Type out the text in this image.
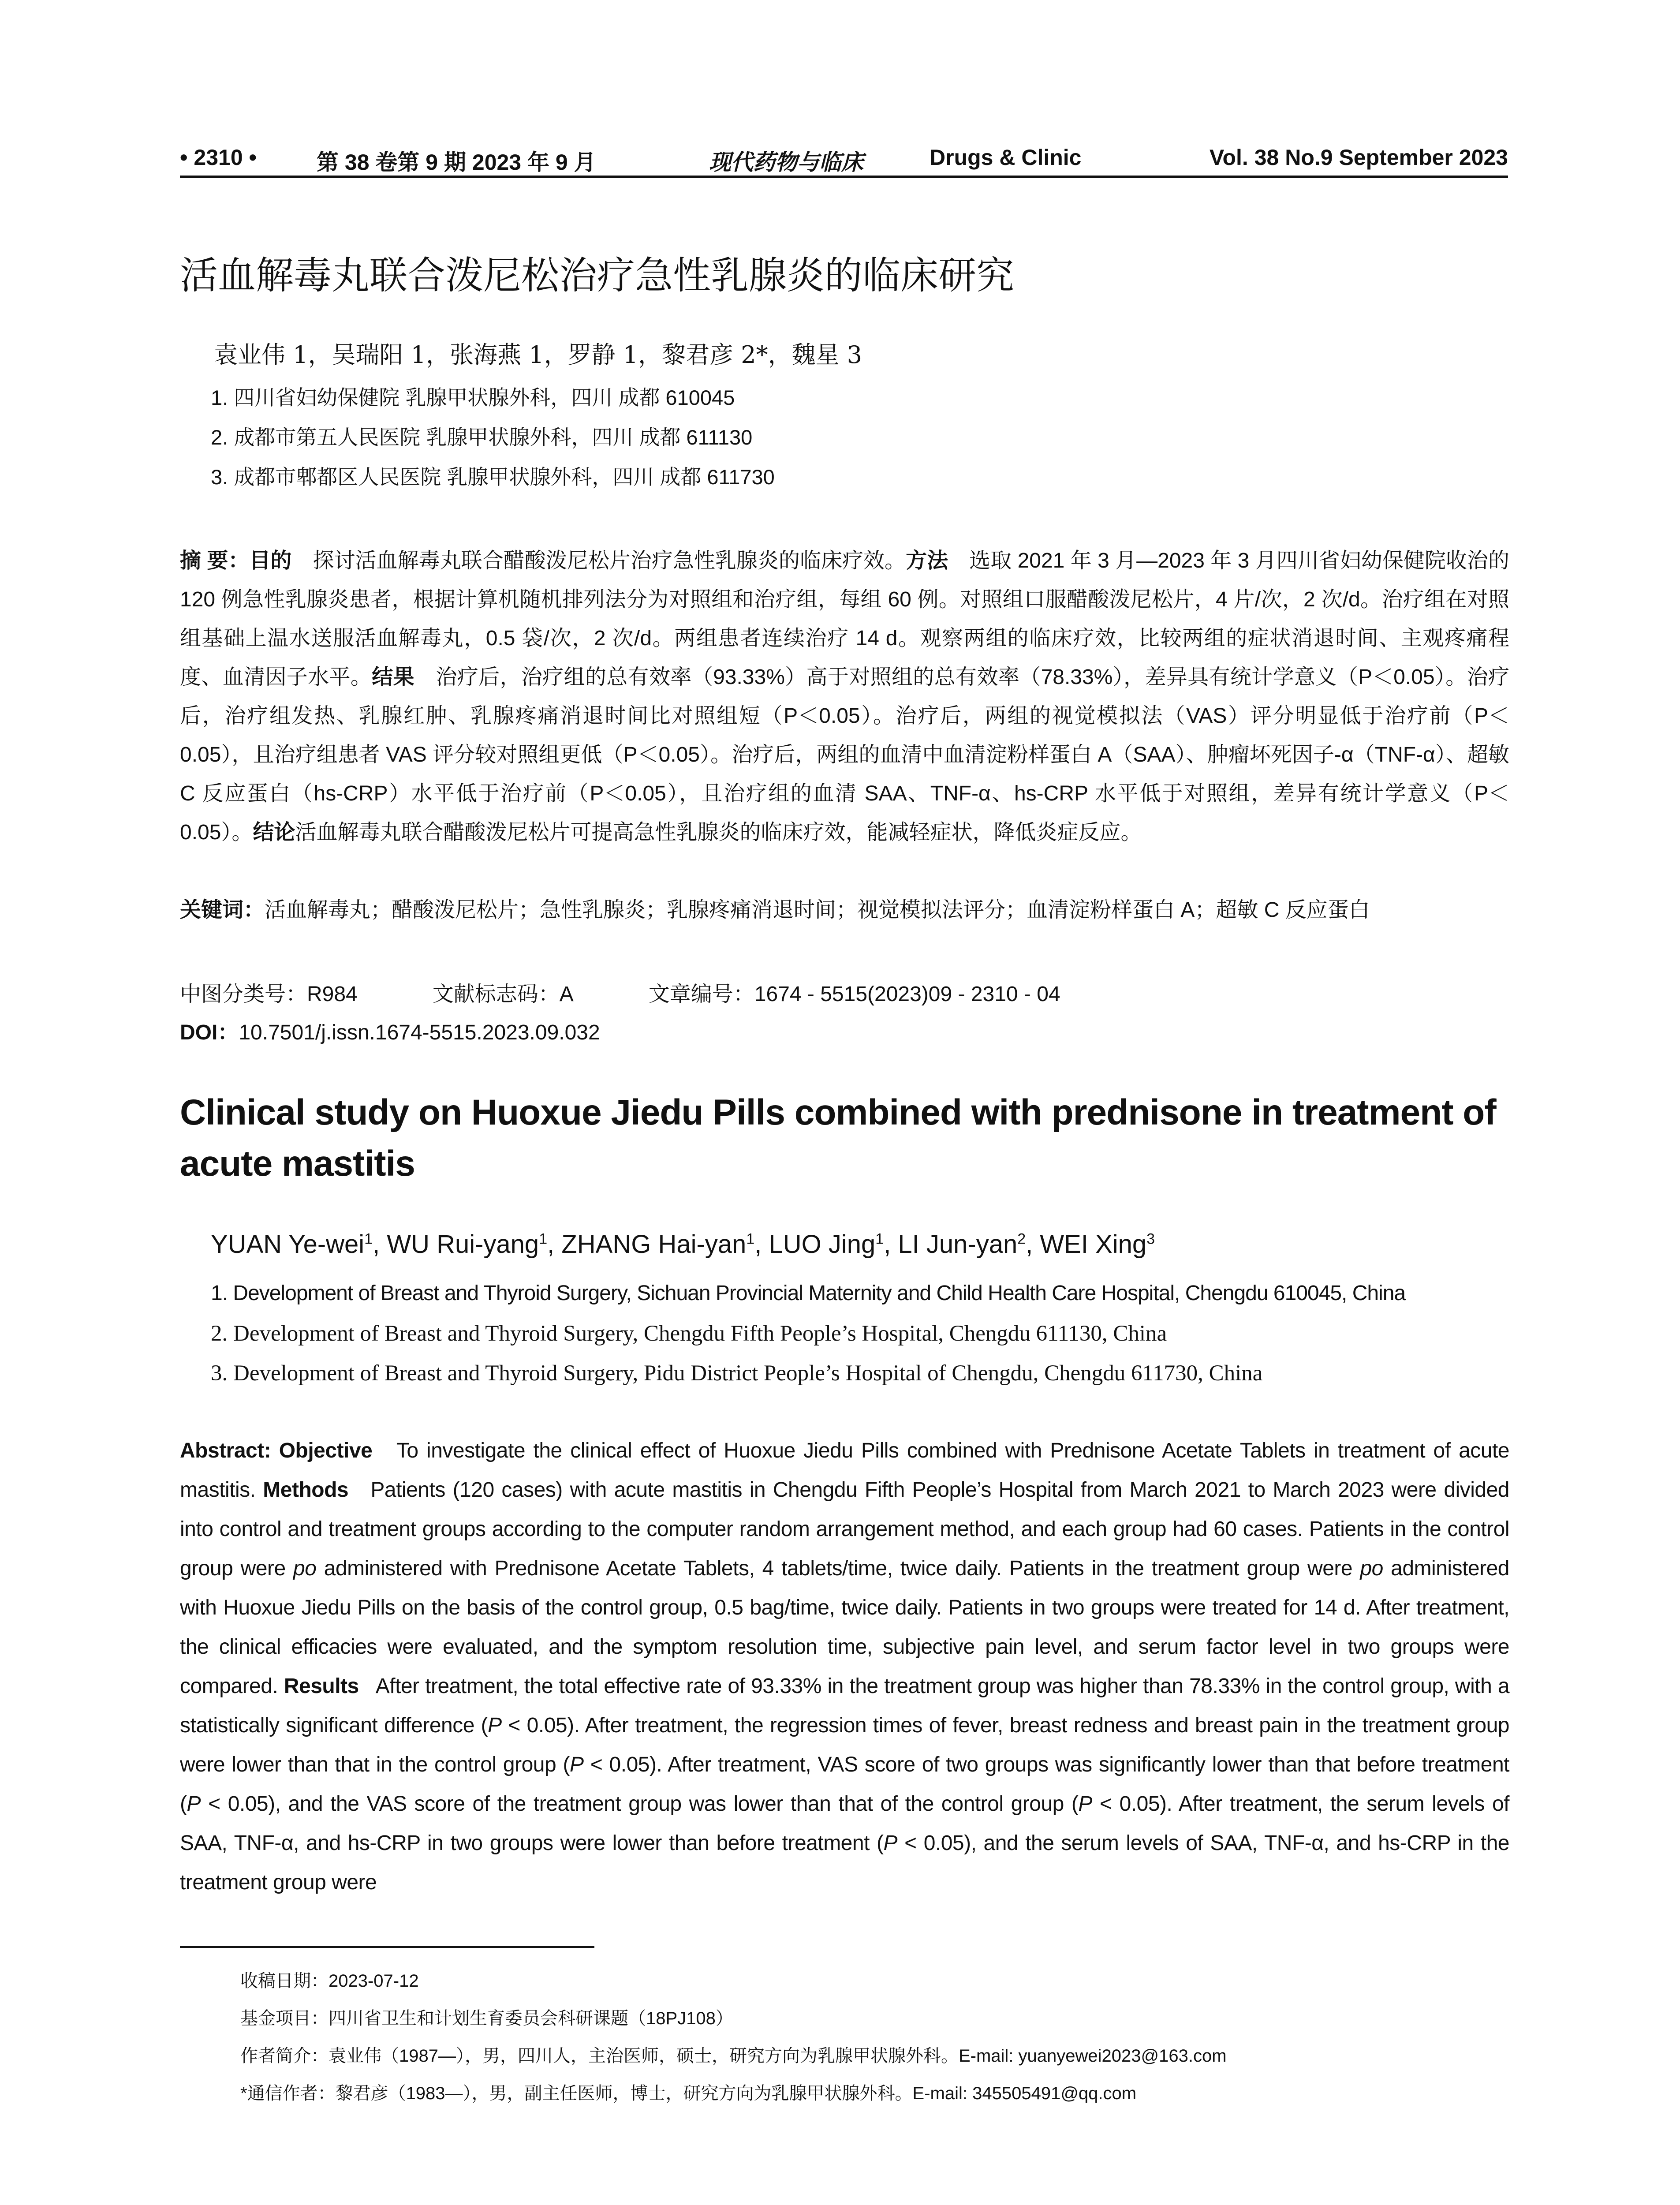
• 2310 •	第 38 卷第 9 期 2023 年 9 月	现代药物与临床	Drugs & Clinic	Vol. 38 No.9 September 2023
活血解毒丸联合泼尼松治疗急性乳腺炎的临床研究
袁业伟 1，吴瑞阳 1，张海燕 1，罗静 1，黎君彦 2*，魏星 3
1. 四川省妇幼保健院 乳腺甲状腺外科，四川 成都 610045
2. 成都市第五人民医院 乳腺甲状腺外科，四川 成都 611130
3. 成都市郫都区人民医院 乳腺甲状腺外科，四川 成都 611730
摘 要：目的　 探讨活血解毒丸联合醋酸泼尼松片治疗急性乳腺炎的临床疗效。方法　 选取 2021 年 3 月—2023 年 3 月四川省妇幼保健院收治的 120 例急性乳腺炎患者，根据计算机随机排列法分为对照组和治疗组，每组 60 例。对照组口服醋酸泼尼松片，4 片/次，2 次/d。治疗组在对照组基础上温水送服活血解毒丸，0.5 袋/次，2 次/d。两组患者连续治疗 14 d。观察两组的临床疗效，比较两组的症状消退时间、主观疼痛程度、血清因子水平。结果　 治疗后，治疗组的总有效率（93.33%）高于对照组的总有效率（78.33%），差异具有统计学意义（P＜0.05）。治疗后，治疗组发热、乳腺红肿、乳腺疼痛消退时间比对照组短（P＜0.05）。治疗后，两组的视觉模拟法（VAS）评分明显低于治疗前（P＜0.05），且治疗组患者 VAS 评分较对照组更低（P＜0.05）。治疗后，两组的血清中血清淀粉样蛋白 A（SAA）、肿瘤坏死因子-α（TNF-α）、超敏 C 反应蛋白（hs-CRP）水平低于治疗前（P＜0.05），且治疗组的血清 SAA、TNF-α、hs-CRP 水平低于对照组，差异有统计学意义（P＜0.05）。结论活血解毒丸联合醋酸泼尼松片可提高急性乳腺炎的临床疗效，能减轻症状，降低炎症反应。
关键词：活血解毒丸；醋酸泼尼松片；急性乳腺炎；乳腺疼痛消退时间；视觉模拟法评分；血清淀粉样蛋白 A；超敏 C 反应蛋白
中图分类号：R984	文献标志码：A	文章编号：1674 - 5515(2023)09 - 2310 - 04
DOI：10.7501/j.issn.1674-5515.2023.09.032
Clinical study on Huoxue Jiedu Pills combined with prednisone in treatment of acute mastitis
YUAN Ye-wei$^1$, WU Rui-yang$^1$, ZHANG Hai-yan$^1$, LUO Jing$^1$, LI Jun-yan$^2$, WEI Xing$^3$
1. Development of Breast and Thyroid Surgery, Sichuan Provincial Maternity and Child Health Care Hospital, Chengdu 610045, China
2. Development of Breast and Thyroid Surgery, Chengdu Fifth People’s Hospital, Chengdu 611130, China
3. Development of Breast and Thyroid Surgery, Pidu District People’s Hospital of Chengdu, Chengdu 611730, China
Abstract: Objective To investigate the clinical effect of Huoxue Jiedu Pills combined with Prednisone Acetate Tablets in treatment of acute mastitis. Methods Patients (120 cases) with acute mastitis in Chengdu Fifth People’s Hospital from March 2021 to March 2023 were divided into control and treatment groups according to the computer random arrangement method, and each group had 60 cases. Patients in the control group were po administered with Prednisone Acetate Tablets, 4 tablets/time, twice daily. Patients in the treatment group were po administered with Huoxue Jiedu Pills on the basis of the control group, 0.5 bag/time, twice daily. Patients in two groups were treated for 14 d. After treatment, the clinical efficacies were evaluated, and the symptom resolution time, subjective pain level, and serum factor level in two groups were compared. Results After treatment, the total effective rate of 93.33% in the treatment group was higher than 78.33% in the control group, with a statistically significant difference (P < 0.05). After treatment, the regression times of fever, breast redness and breast pain in the treatment group were lower than that in the control group (P < 0.05). After treatment, VAS score of two groups was significantly lower than that before treatment (P < 0.05), and the VAS score of the treatment group was lower than that of the control group (P < 0.05). After treatment, the serum levels of SAA, TNF-α, and hs-CRP in two groups were lower than before treatment (P < 0.05), and the serum levels of SAA, TNF-α, and hs-CRP in the treatment group were
收稿日期：2023-07-12
基金项目：四川省卫生和计划生育委员会科研课题（18PJ108）
作者简介：袁业伟（1987—），男，四川人，主治医师，硕士，研究方向为乳腺甲状腺外科。E-mail: yuanyewei2023@163.com
*通信作者：黎君彦（1983—），男，副主任医师，博士，研究方向为乳腺甲状腺外科。E-mail: 345505491@qq.com
